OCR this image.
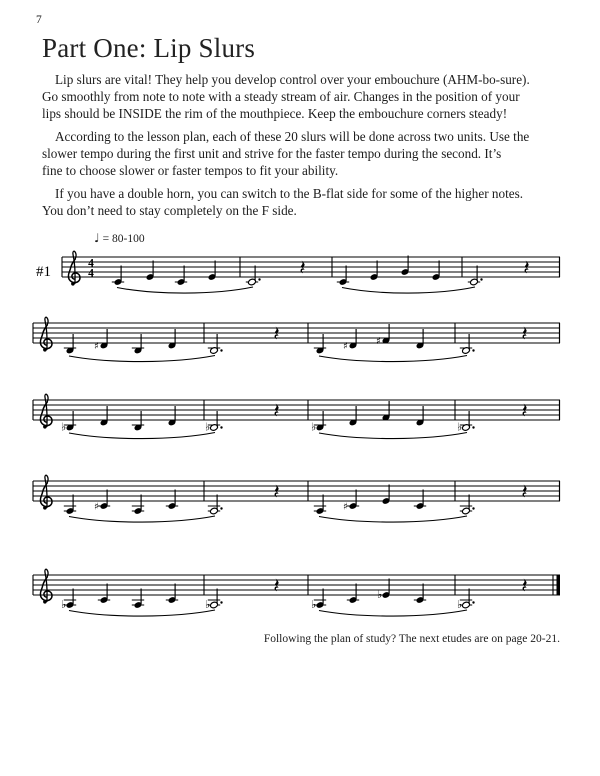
7
Part One: Lip Slurs
Lip slurs are vital! They help you develop control over your embouchure (AHM-bo-sure).
Go smoothly from note to note with a steady stream of air. Changes in the position of your
lips should be INSIDE the rim of the mouthpiece. Keep the embouchure corners steady!
According to the lesson plan, each of these 20 slurs will be done across two units. Use the
slower tempo during the first unit and strive for the faster tempo during the second. It’s
fine to choose slower or faster tempos to fit your ability.
If you have a double horn, you can switch to the B-flat side for some of the higher notes.
You don’t need to stay completely on the F side.
♩ = 80-100
#1
4
4
♯	♯	♯
♭	♭	♭	♭
♯	♯
♭	♭	♭
♭
♭
Following the plan of study? The next etudes are on page 20-21.
